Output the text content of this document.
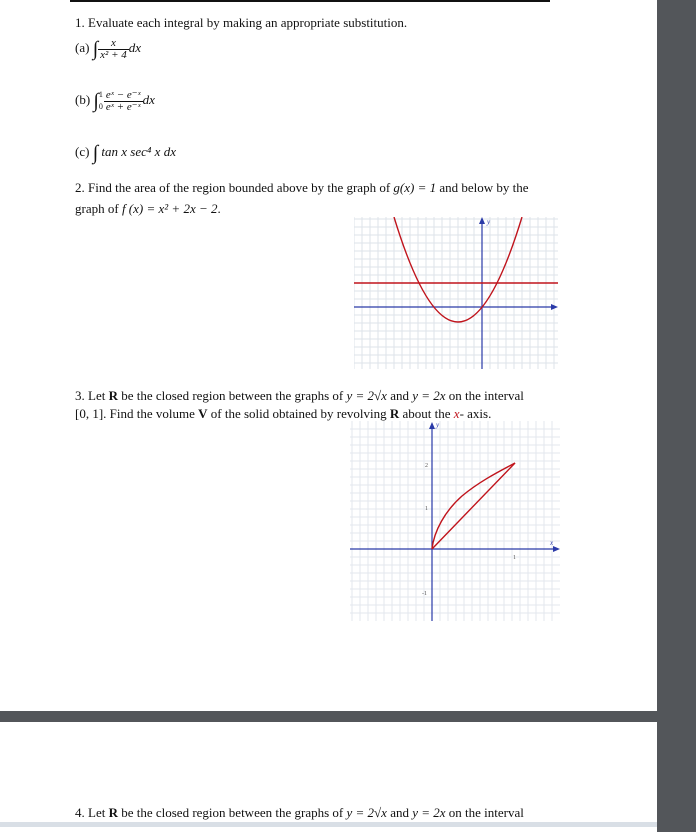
1. Evaluate each integral by making an appropriate substitution.
(a) ∫ $\frac{x}{\text{x² + 4}}$ dx
(b) ∫ 1
$0 \frac{\text{eˣ − e⁻ˣ}}{\text{eˣ + e⁻ˣ}}$ dx
(c) ∫ tan x sec⁴ x dx
2. Find the area of the region bounded above by the graph of g(x) = 1 and below by the
graph of f (x) = x² + 2x − 2.
y
3. Let R be the closed region between the graphs of y = 2√x and y = 2x on the interval
[0, 1]. Find the volume V of the solid obtained by revolving R about the x- axis.
y
x
2
1
-1
1
4. Let R be the closed region between the graphs of y = 2√x and y = 2x on the interval
